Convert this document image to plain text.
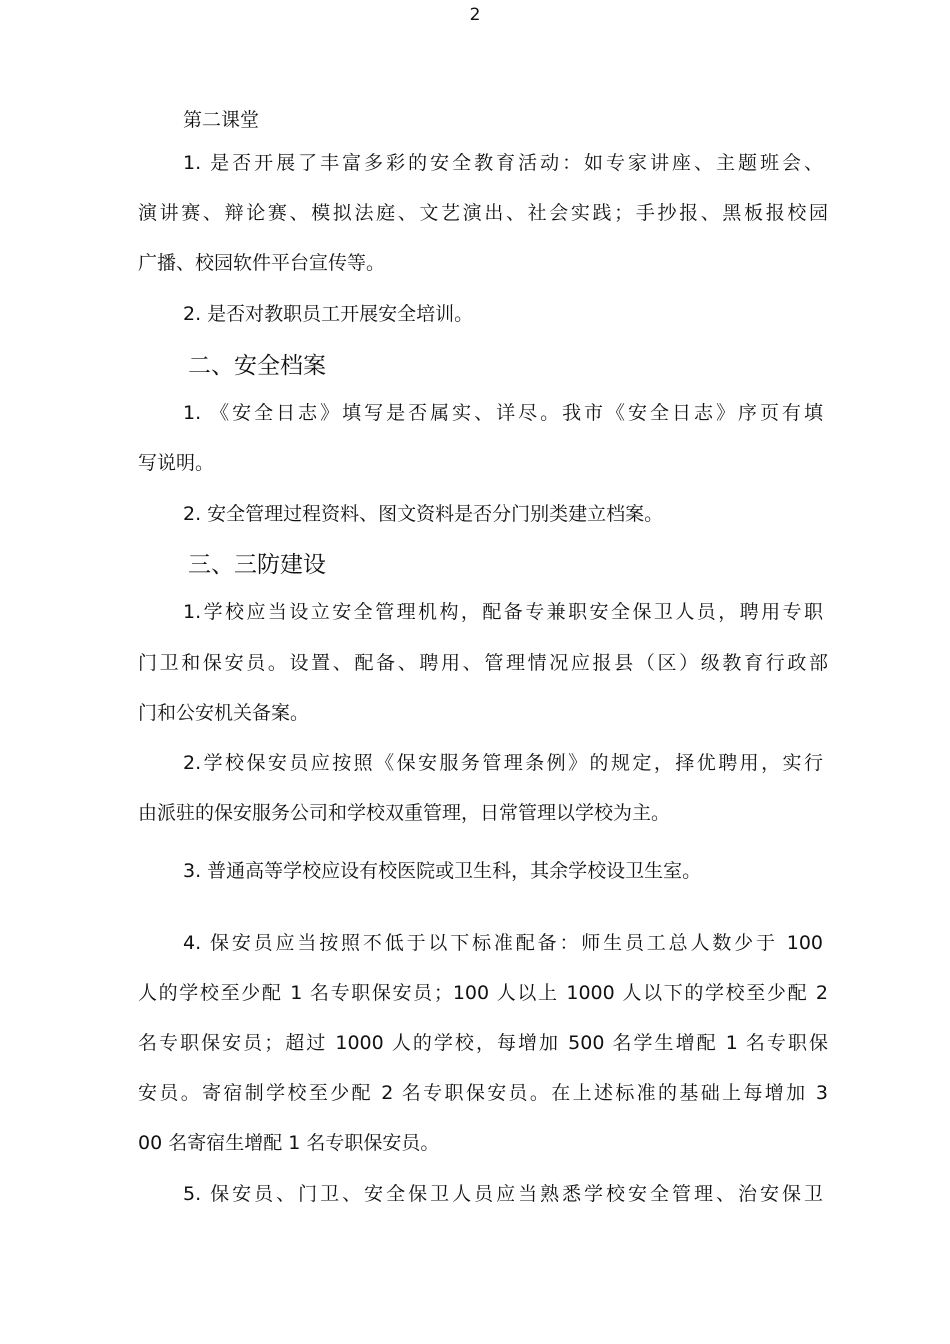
2
第二课堂
1. 是否开展了丰富多彩的安全教育活动：如专家讲座、主题班会、
演讲赛、辩论赛、模拟法庭、文艺演出、社会实践；手抄报、黑板报校园
广播、校园软件平台宣传等。
2. 是否对教职员工开展安全培训。
二、安全档案
1. 《安全日志》填写是否属实、详尽。我市《安全日志》序页有填
写说明。
2. 安全管理过程资料、图文资料是否分门别类建立档案。
三、三防建设
1.学校应当设立安全管理机构，配备专兼职安全保卫人员，聘用专职
门卫和保安员。设置、配备、聘用、管理情况应报县（区）级教育行政部
门和公安机关备案。
2.学校保安员应按照《保安服务管理条例》的规定，择优聘用，实行
由派驻的保安服务公司和学校双重管理，日常管理以学校为主。
3. 普通高等学校应设有校医院或卫生科，其余学校设卫生室。
4. 保安员应当按照不低于以下标准配备：师生员工总人数少于 100
人的学校至少配 1 名专职保安员；100 人以上 1000 人以下的学校至少配 2
名专职保安员；超过 1000 人的学校，每增加 500 名学生增配 1 名专职保
安员。寄宿制学校至少配 2 名专职保安员。在上述标准的基础上每增加 3
00 名寄宿生增配 1 名专职保安员。
5. 保安员、门卫、安全保卫人员应当熟悉学校安全管理、治安保卫
